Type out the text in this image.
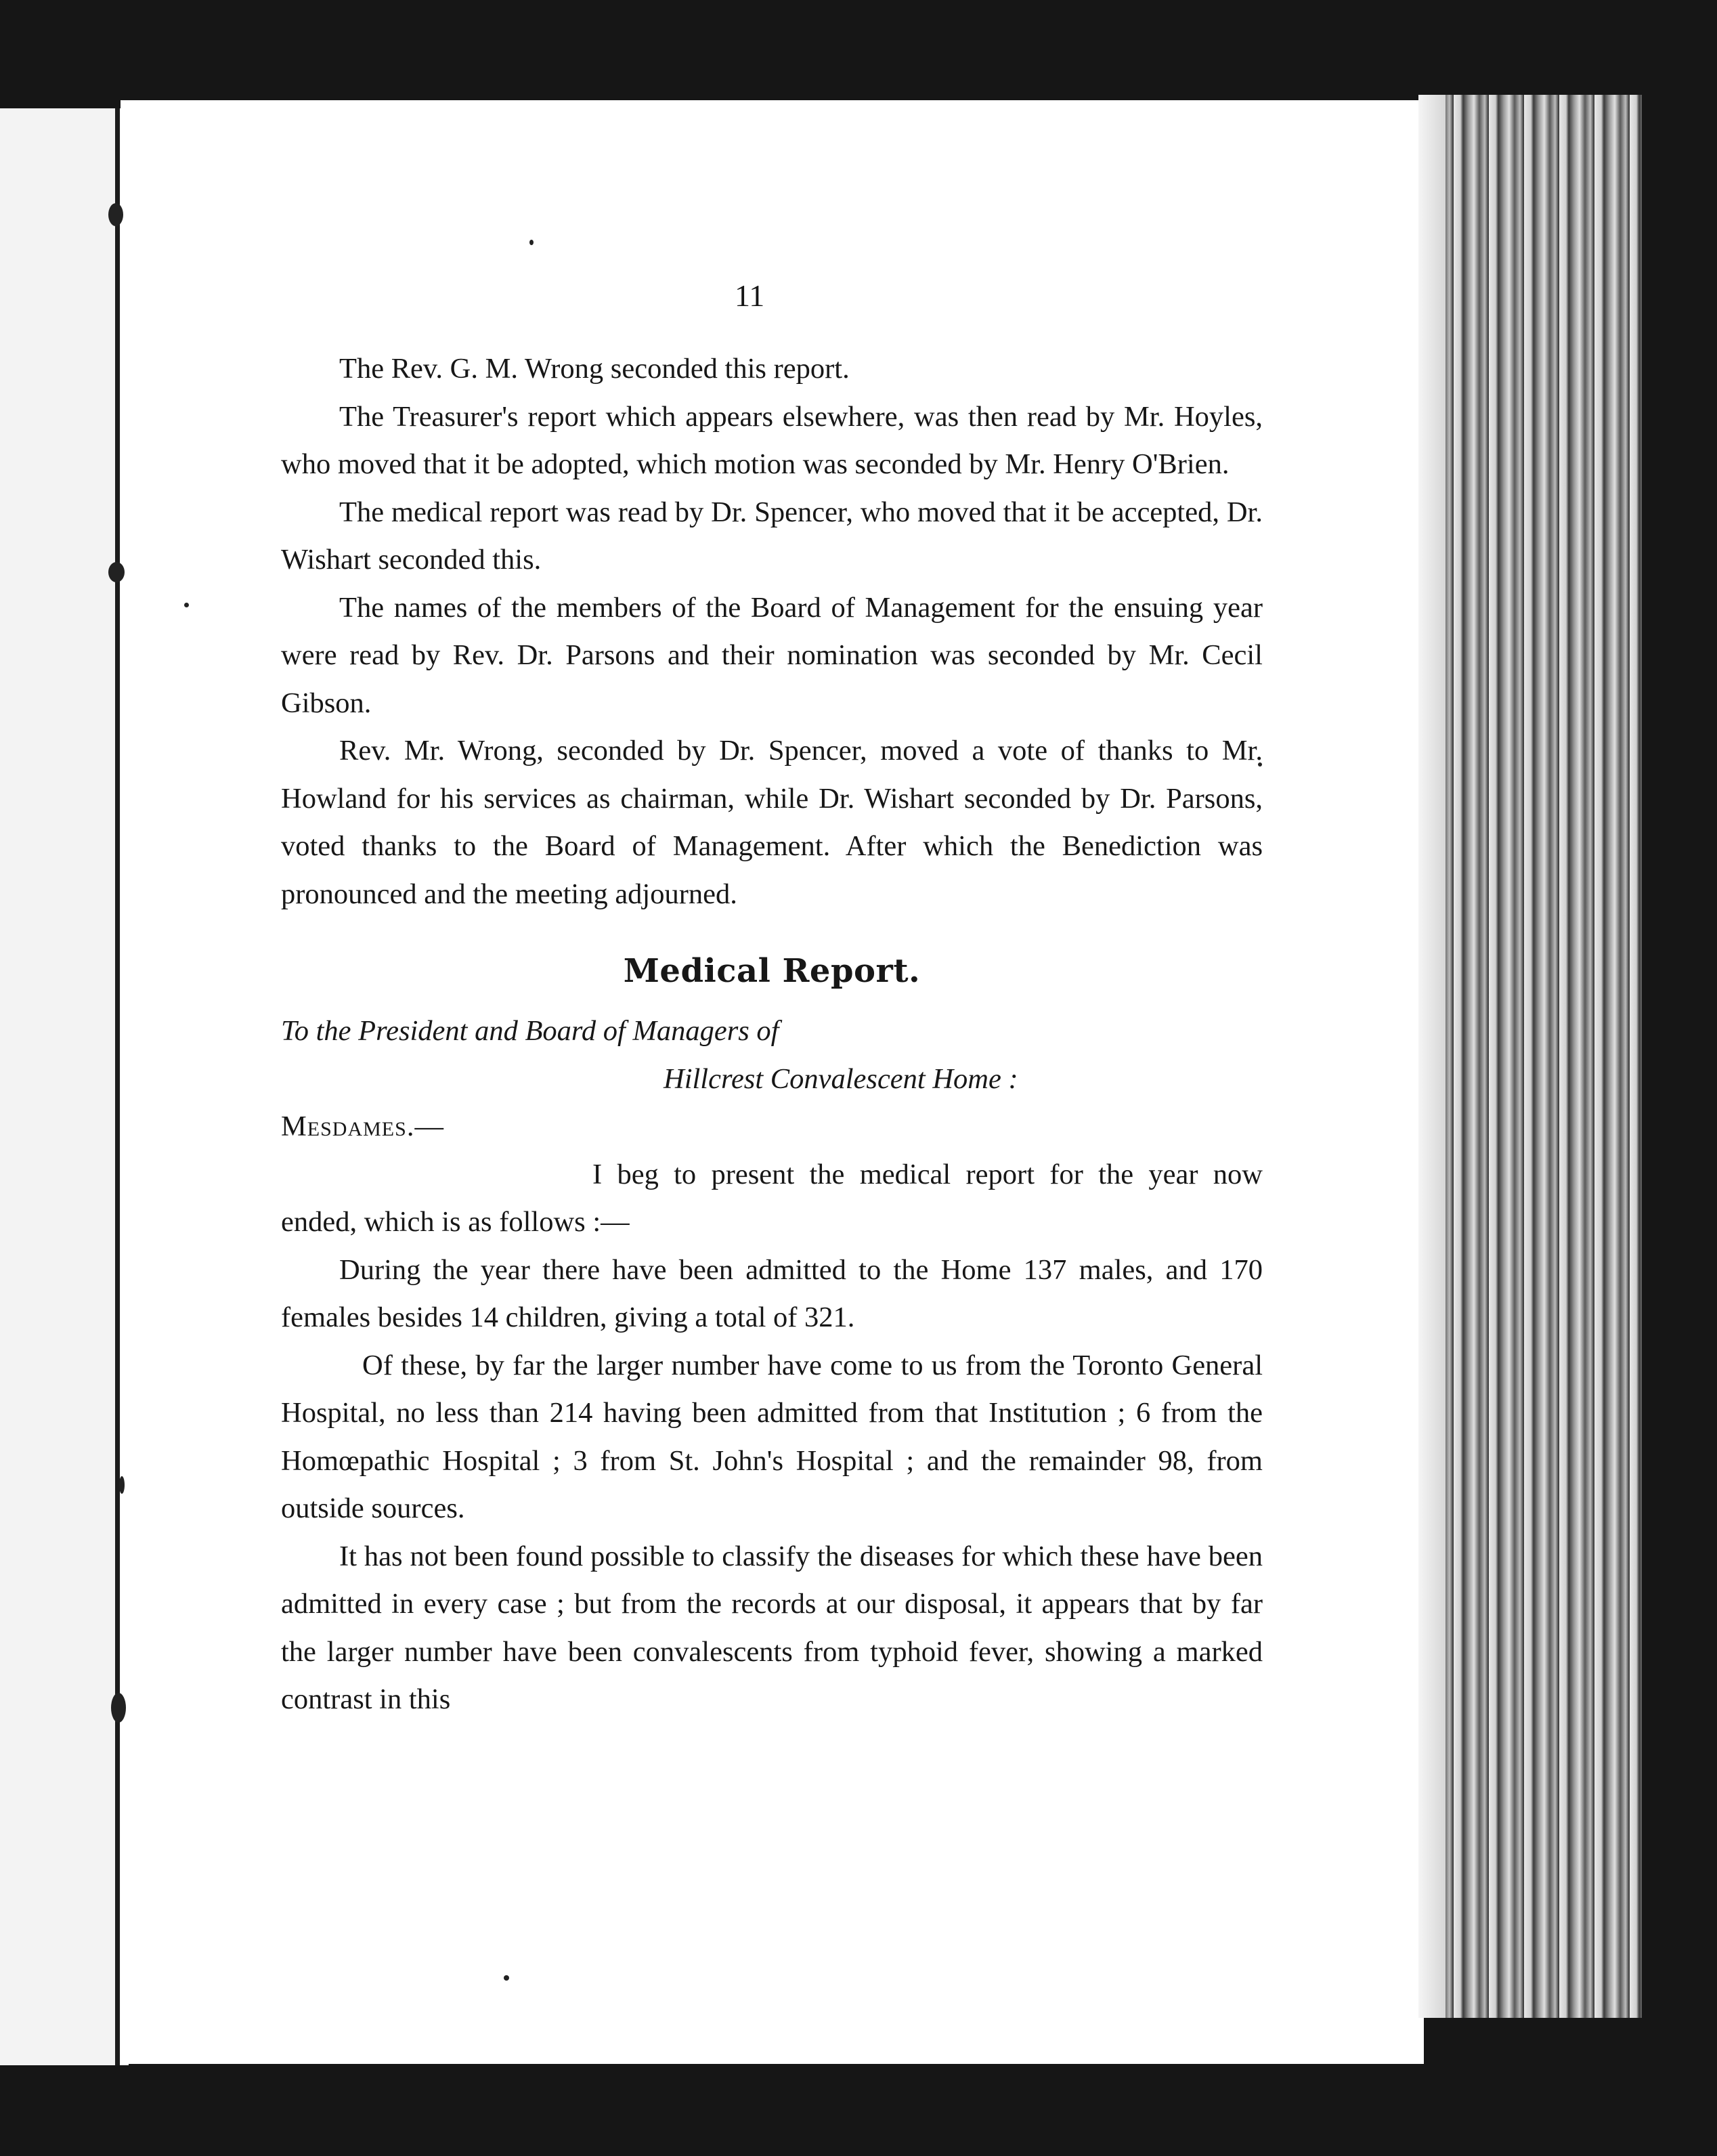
11

The Rev. G. M. Wrong seconded this report.

The Treasurer's report which appears elsewhere, was then read by Mr. Hoyles, who moved that it be adopted, which motion was seconded by Mr. Henry O'Brien.

The medical report was read by Dr. Spencer, who moved that it be accepted, Dr. Wishart seconded this.

The names of the members of the Board of Management for the ensuing year were read by Rev. Dr. Parsons and their nomination was seconded by Mr. Cecil Gibson.

Rev. Mr. Wrong, seconded by Dr. Spencer, moved a vote of thanks to Mr. Howland for his services as chairman, while Dr. Wishart seconded by Dr. Parsons, voted thanks to the Board of Management. After which the Benediction was pronounced and the meeting adjourned.

Medical Report.

To the President and Board of Managers of

Hillcrest Convalescent Home :

Mesdames.—

I beg to present the medical report for the year now ended, which is as follows :—

During the year there have been admitted to the Home 137 males, and 170 females besides 14 children, giving a total of 321.

Of these, by far the larger number have come to us from the Toronto General Hospital, no less than 214 having been admitted from that Institution ; 6 from the Homœpathic Hospital ; 3 from St. John's Hospital ; and the remainder 98, from outside sources.

It has not been found possible to classify the diseases for which these have been admitted in every case ; but from the records at our disposal, it appears that by far the larger number have been convalescents from typhoid fever, showing a marked contrast in this
